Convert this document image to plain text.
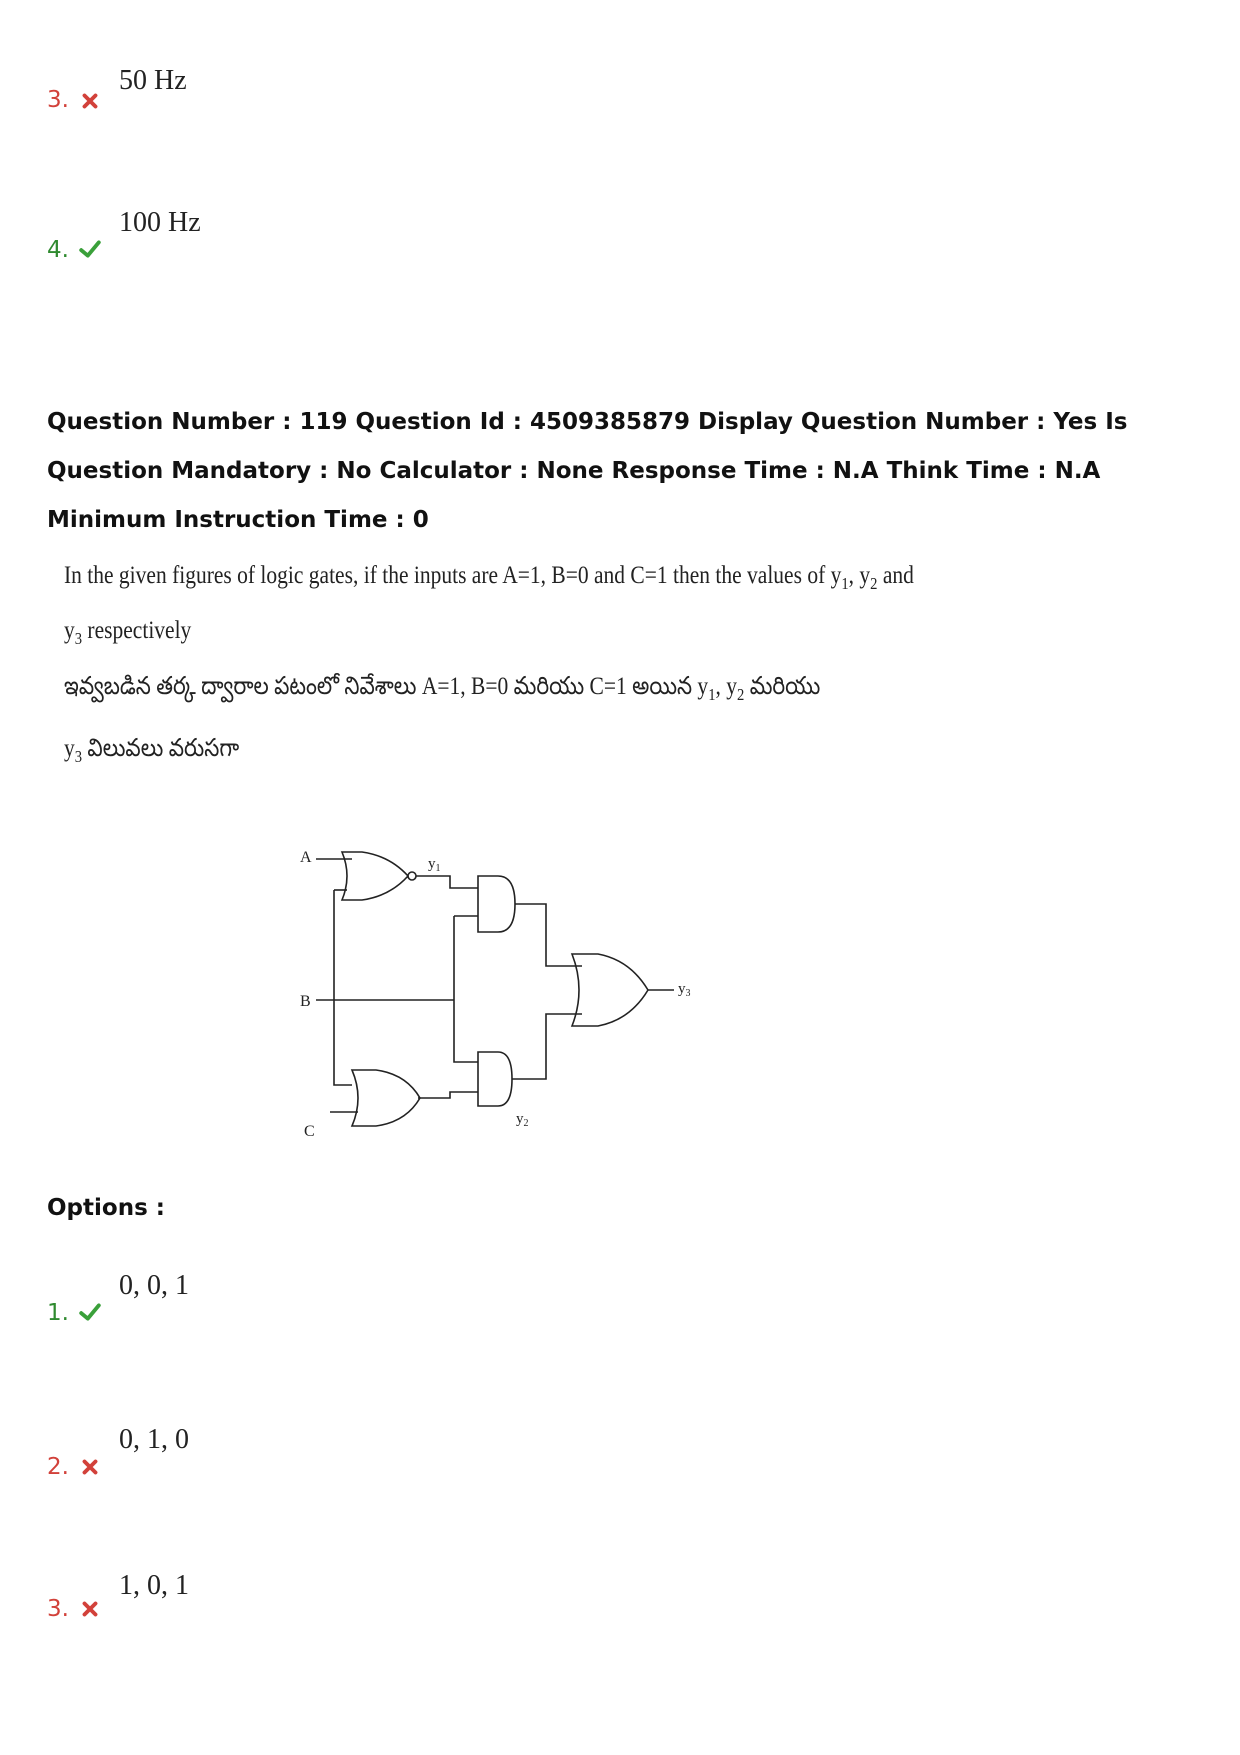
50 Hz
3.
100 Hz
4.
Question Number : 119 Question Id : 4509385879 Display Question Number : Yes Is Question Mandatory : No Calculator : None Response Time : N.A Think Time : N.A Minimum Instruction Time : 0
In the given figures of logic gates, if the inputs are A=1, B=0 and C=1 then the values of $y_1$, $y_2$ and
$y_3$ respectively
ఇవ్వబడిన తర్క ద్వారాల పటంలో నివేశాలు A=1, B=0 మరియు C=1 అయిన $y_1$, $y_2$ మరియు
$y_3$ విలువలు వరుసగా
A
B
C
$y_1$
$y_2$
$y_3$
Options :
0, 0, 1
1.
0, 1, 0
2.
1, 0, 1
3.
